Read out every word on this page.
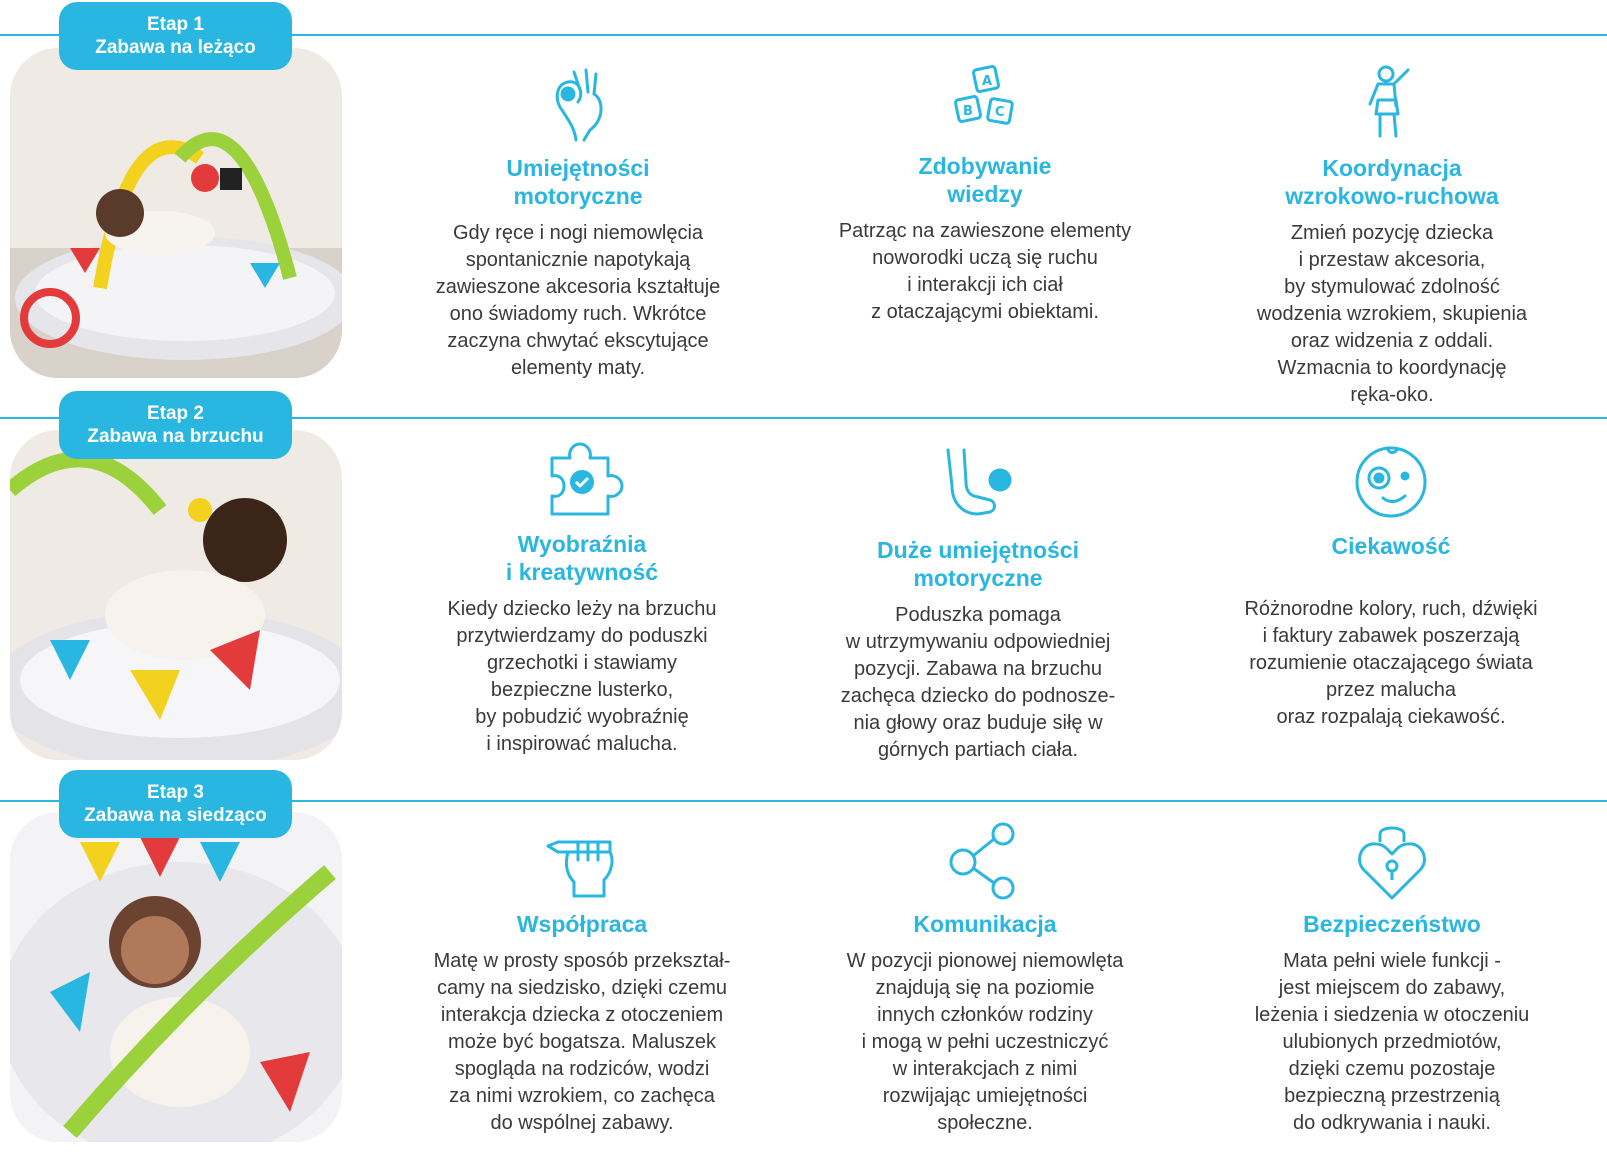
Etap 1
Zabawa na leżąco
Etap 2
Zabawa na brzuchu
Etap 3
Zabawa na siedząco
Umiejętności
motoryczne

Gdy ręce i nogi niemowlęcia
spontanicznie napotykają
zawieszone akcesoria kształtuje
ono świadomy ruch. Wkrótce
zaczyna chwytać ekscytujące
elementy maty.

A
B C
Zdobywanie
wiedzy

Patrząc na zawieszone elementy
noworodki uczą się ruchu
i interakcji ich ciał
z otaczającymi obiektami.

Koordynacja
wzrokowo-ruchowa

Zmień pozycję dziecka
i przestaw akcesoria,
by stymulować zdolność
wodzenia wzrokiem, skupienia
oraz widzenia z oddali.
Wzmacnia to koordynację
ręka-oko.

Wyobraźnia
i kreatywność

Kiedy dziecko leży na brzuchu
przytwierdzamy do poduszki
grzechotki i stawiamy
bezpieczne lusterko,
by pobudzić wyobraźnię
i inspirować malucha.

Duże umiejętności
motoryczne

Poduszka pomaga
w utrzymywaniu odpowiedniej
pozycji. Zabawa na brzuchu
zachęca dziecko do podnosze-
nia głowy oraz buduje siłę w
górnych partiach ciała.

Ciekawość

Różnorodne kolory, ruch, dźwięki
i faktury zabawek poszerzają
rozumienie otaczającego świata
przez malucha
oraz rozpalają ciekawość.

Współpraca

Matę w prosty sposób przekształ-
camy na siedzisko, dzięki czemu
interakcja dziecka z otoczeniem
może być bogatsza. Maluszek
spogląda na rodziców, wodzi
za nimi wzrokiem, co zachęca
do wspólnej zabawy.

Komunikacja

W pozycji pionowej niemowlęta
znajdują się na poziomie
innych członków rodziny
i mogą w pełni uczestniczyć
w interakcjach z nimi
rozwijając umiejętności
społeczne.

Bezpieczeństwo

Mata pełni wiele funkcji -
jest miejscem do zabawy,
leżenia i siedzenia w otoczeniu
ulubionych przedmiotów,
dzięki czemu pozostaje
bezpieczną przestrzenią
do odkrywania i nauki.
